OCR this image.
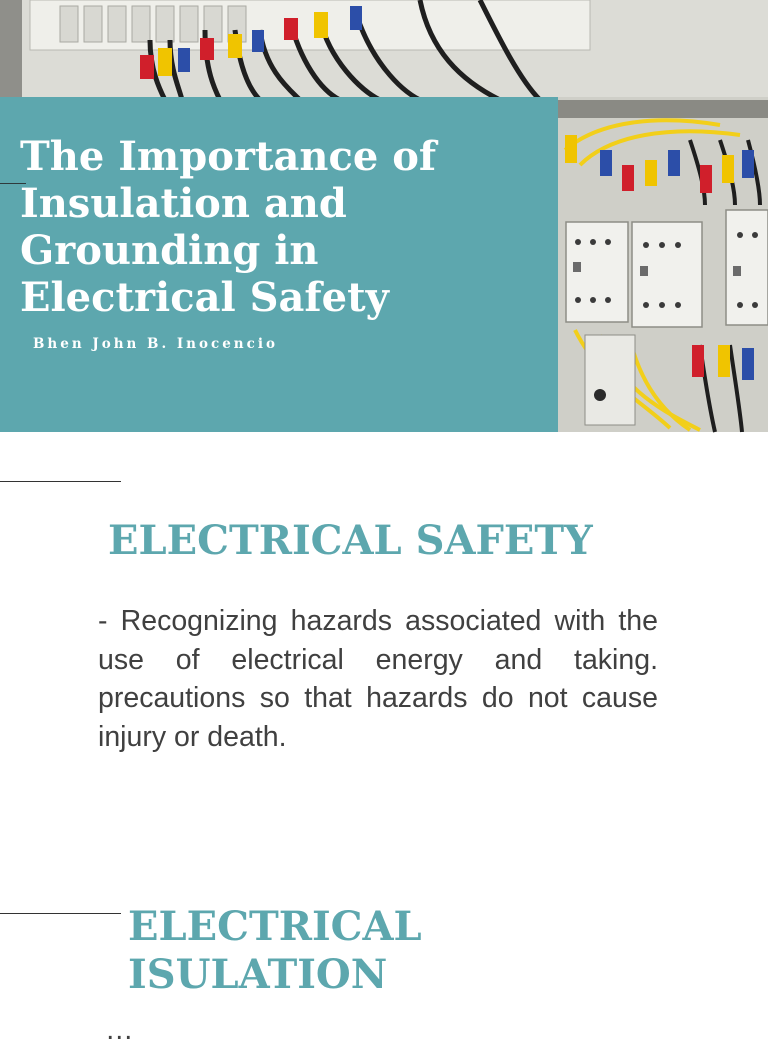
The Importance of Insulation and Grounding in Electrical Safety
Bhen John B. Inocencio
ELECTRICAL SAFETY

- Recognizing hazards associated with the use of electrical energy and taking. precautions so that hazards do not cause injury or death.

ELECTRICAL ISULATION

…
